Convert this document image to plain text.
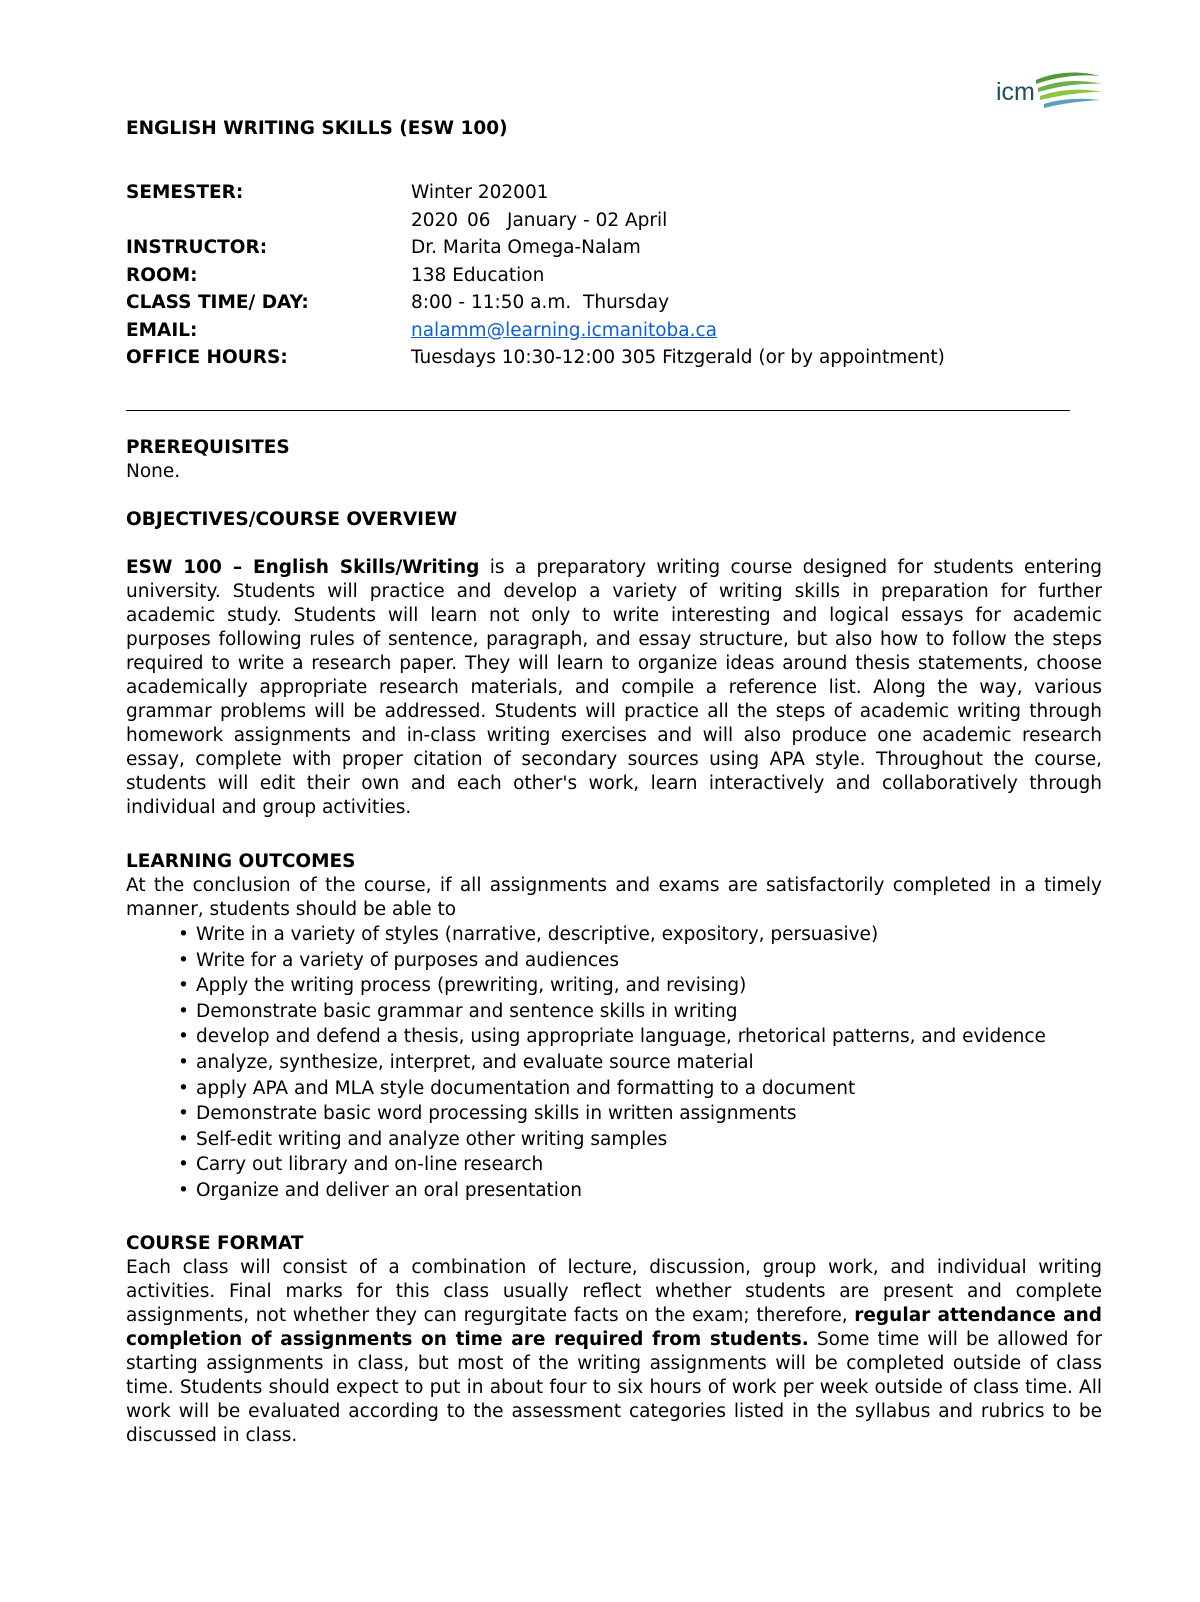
icm

ENGLISH WRITING SKILLS (ESW 100)

SEMESTER:	Winter 202001
2020 06 January - 02 April
INSTRUCTOR:	Dr. Marita Omega-Nalam
ROOM:	138 Education
CLASS TIME/ DAY:	8:00 - 11:50 a.m.  Thursday
EMAIL:	nalamm@learning.icmanitoba.ca
OFFICE HOURS:	Tuesdays 10:30-12:00 305 Fitzgerald (or by appointment)
PREREQUISITES
None.
OBJECTIVES/COURSE OVERVIEW
ESW 100 – English Skills/Writing is a preparatory writing course designed for students entering university. Students will practice and develop a variety of writing skills in preparation for further academic study. Students will learn not only to write interesting and logical essays for academic purposes following rules of sentence, paragraph, and essay structure, but also how to follow the steps required to write a research paper. They will learn to organize ideas around thesis statements, choose academically appropriate research materials, and compile a reference list. Along the way, various grammar problems will be addressed. Students will practice all the steps of academic writing through homework assignments and in-class writing exercises and will also produce one academic research essay, complete with proper citation of secondary sources using APA style. Throughout the course, students will edit their own and each other's work, learn interactively and collaboratively through individual and group activities.
LEARNING OUTCOMES
At the conclusion of the course, if all assignments and exams are satisfactorily completed in a timely manner, students should be able to
• Write in a variety of styles (narrative, descriptive, expository, persuasive)
• Write for a variety of purposes and audiences
• Apply the writing process (prewriting, writing, and revising)
• Demonstrate basic grammar and sentence skills in writing
• develop and defend a thesis, using appropriate language, rhetorical patterns, and evidence
• analyze, synthesize, interpret, and evaluate source material
• apply APA and MLA style documentation and formatting to a document
• Demonstrate basic word processing skills in written assignments
• Self-edit writing and analyze other writing samples
• Carry out library and on-line research
• Organize and deliver an oral presentation
COURSE FORMAT
Each class will consist of a combination of lecture, discussion, group work, and individual writing activities. Final marks for this class usually reflect whether students are present and complete assignments, not whether they can regurgitate facts on the exam; therefore, regular attendance and completion of assignments on time are required from students. Some time will be allowed for starting assignments in class, but most of the writing assignments will be completed outside of class time. Students should expect to put in about four to six hours of work per week outside of class time. All work will be evaluated according to the assessment categories listed in the syllabus and rubrics to be discussed in class.
